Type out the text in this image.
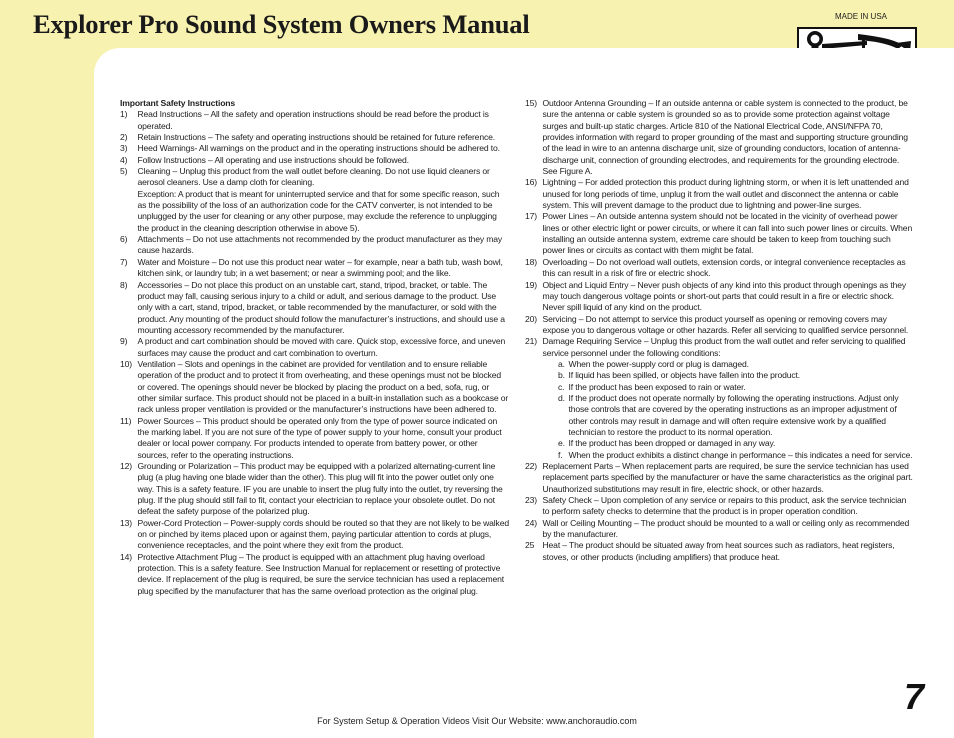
Explorer Pro Sound System Owners Manual	MADE IN USA

Important Safety Instructions

1)	Read Instructions – All the safety and operation instructions should be read before the product is operated.
2)	Retain Instructions – The safety and operating instructions should be retained for future reference.
3)	Heed Warnings- All warnings on the product and in the operating instructions should be adhered to.
4)	Follow Instructions – All operating and use instructions should be followed.
5)	Cleaning – Unplug this product from the wall outlet before cleaning. Do not use liquid cleaners or aerosol cleaners. Use a damp cloth for cleaning.
Exception: A product that is meant for uninterrupted service and that for some specific reason, such as the possibility of the loss of an authorization code for the CATV converter, is not intended to be unplugged by the user for cleaning or any other purpose, may exclude the reference to unplugging the product in the cleaning description otherwise in above 5).
6)	Attachments – Do not use attachments not recommended by the product manufacturer as they may cause hazards.
7)	Water and Moisture – Do not use this product near water – for example, near a bath tub, wash bowl, kitchen sink, or laundry tub; in a wet basement; or near a swimming pool; and the like.
8)	Accessories – Do not place this product on an unstable cart, stand, tripod, bracket, or table. The product may fall, causing serious injury to a child or adult, and serious damage to the product. Use only with a cart, stand, tripod, bracket, or table recommended by the manufacturer, or sold with the product. Any mounting of the product should follow the manufacturer’s instructions, and should use a mounting accessory recommended by the manufacturer.
9)	A product and cart combination should be moved with care. Quick stop, excessive force, and uneven surfaces may cause the product and cart combination to overturn.
10) Ventilation – Slots and openings in the cabinet are provided for ventilation and to ensure reliable operation of the product and to protect it from overheating, and these openings must not be blocked or covered. The openings should never be blocked by placing the product on a bed, sofa, rug, or other similar surface. This product should not be placed in a built-in installation such as a bookcase or rack unless proper ventilation is provided or the manufacturer’s instructions have been adhered to.
11) Power Sources – This product should be operated only from the type of power source indicated on the marking label. If you are not sure of the type of power supply to your home, consult your product dealer or local power company. For products intended to operate from battery power, or other sources, refer to the operating instructions.
12) Grounding or Polarization – This product may be equipped with a polarized alternating-current line plug (a plug having one blade wider than the other). This plug will fit into the power outlet only one way. This is a safety feature. IF you are unable to insert the plug fully into the outlet, try reversing the plug. If the plug should still fail to fit, contact your electrician to replace your obsolete outlet. Do not defeat the safety purpose of the polarized plug.
13) Power-Cord Protection – Power-supply cords should be routed so that they are not likely to be walked on or pinched by items placed upon or against them, paying particular attention to cords at plugs, convenience receptacles, and the point where they exit from the product.
14) Protective Attachment Plug – The product is equipped with an attachment plug having overload protection. This is a safety feature. See Instruction Manual for replacement or resetting of protective device. If replacement of the plug is required, be sure the service technician has used a replacement plug specified by the manufacturer that has the same overload protection as the original plug.
15) Outdoor Antenna Grounding – If an outside antenna or cable system is connected to the product, be sure the antenna or cable system is grounded so as to provide some protection against voltage surges and built-up static charges. Article 810 of the National Electrical Code, ANSI/NFPA 70, provides information with regard to proper grounding of the mast and supporting structure grounding of the lead in wire to an antenna discharge unit, size of grounding conductors, location of antenna-discharge unit, connection of grounding electrodes, and requirements for the grounding electrode. See Figure A.
16) Lightning – For added protection this product during lightning storm, or when it is left unattended and unused for long periods of time, unplug it from the wall outlet and disconnect the antenna or cable system. This will prevent damage to the product due to lightning and power-line surges.
17) Power Lines – An outside antenna system should not be located in the vicinity of overhead power lines or other electric light or power circuits, or where it can fall into such power lines or circuits. When installing an outside antenna system, extreme care should be taken to keep from touching such power lines or circuits as contact with them might be fatal.
18) Overloading – Do not overload wall outlets, extension cords, or integral convenience receptacles as this can result in a risk of fire or electric shock.
19) Object and Liquid Entry – Never push objects of any kind into this product through openings as they may touch dangerous voltage points or short-out parts that could result in a fire or electric shock. Never spill liquid of any kind on the product.
20) Servicing – Do not attempt to service this product yourself as opening or removing covers may expose you to dangerous voltage or other hazards. Refer all servicing to qualified service personnel.
21) Damage Requiring Service – Unplug this product from the wall outlet and refer servicing to qualified service personnel under the following conditions:
a. When the power-supply cord or plug is damaged.
b. If liquid has been spilled, or objects have fallen into the product.
c. If the product has been exposed to rain or water.
d. If the product does not operate normally by following the operating instructions. Adjust only those controls that are covered by the operating instructions as an improper adjustment of other controls may result in damage and will often require extensive work by a qualified technician to restore the product to its normal operation.
e. If the product has been dropped or damaged in any way.
f. When the product exhibits a distinct change in performance – this indicates a need for service.
22) Replacement Parts – When replacement parts are required, be sure the service technician has used replacement parts specified by the manufacturer or have the same characteristics as the original part. Unauthorized substitutions may result in fire, electric shock, or other hazards.
23) Safety Check – Upon completion of any service or repairs to this product, ask the service technician to perform safety checks to determine that the product is in proper operation condition.
24) Wall or Ceiling Mounting – The product should be mounted to a wall or ceiling only as recommended by the manufacturer.
25 Heat – The product should be situated away from heat sources such as radiators, heat registers, stoves, or other products (including amplifiers) that produce heat.
For System Setup & Operation Videos Visit Our Website: www.anchoraudio.com
7
